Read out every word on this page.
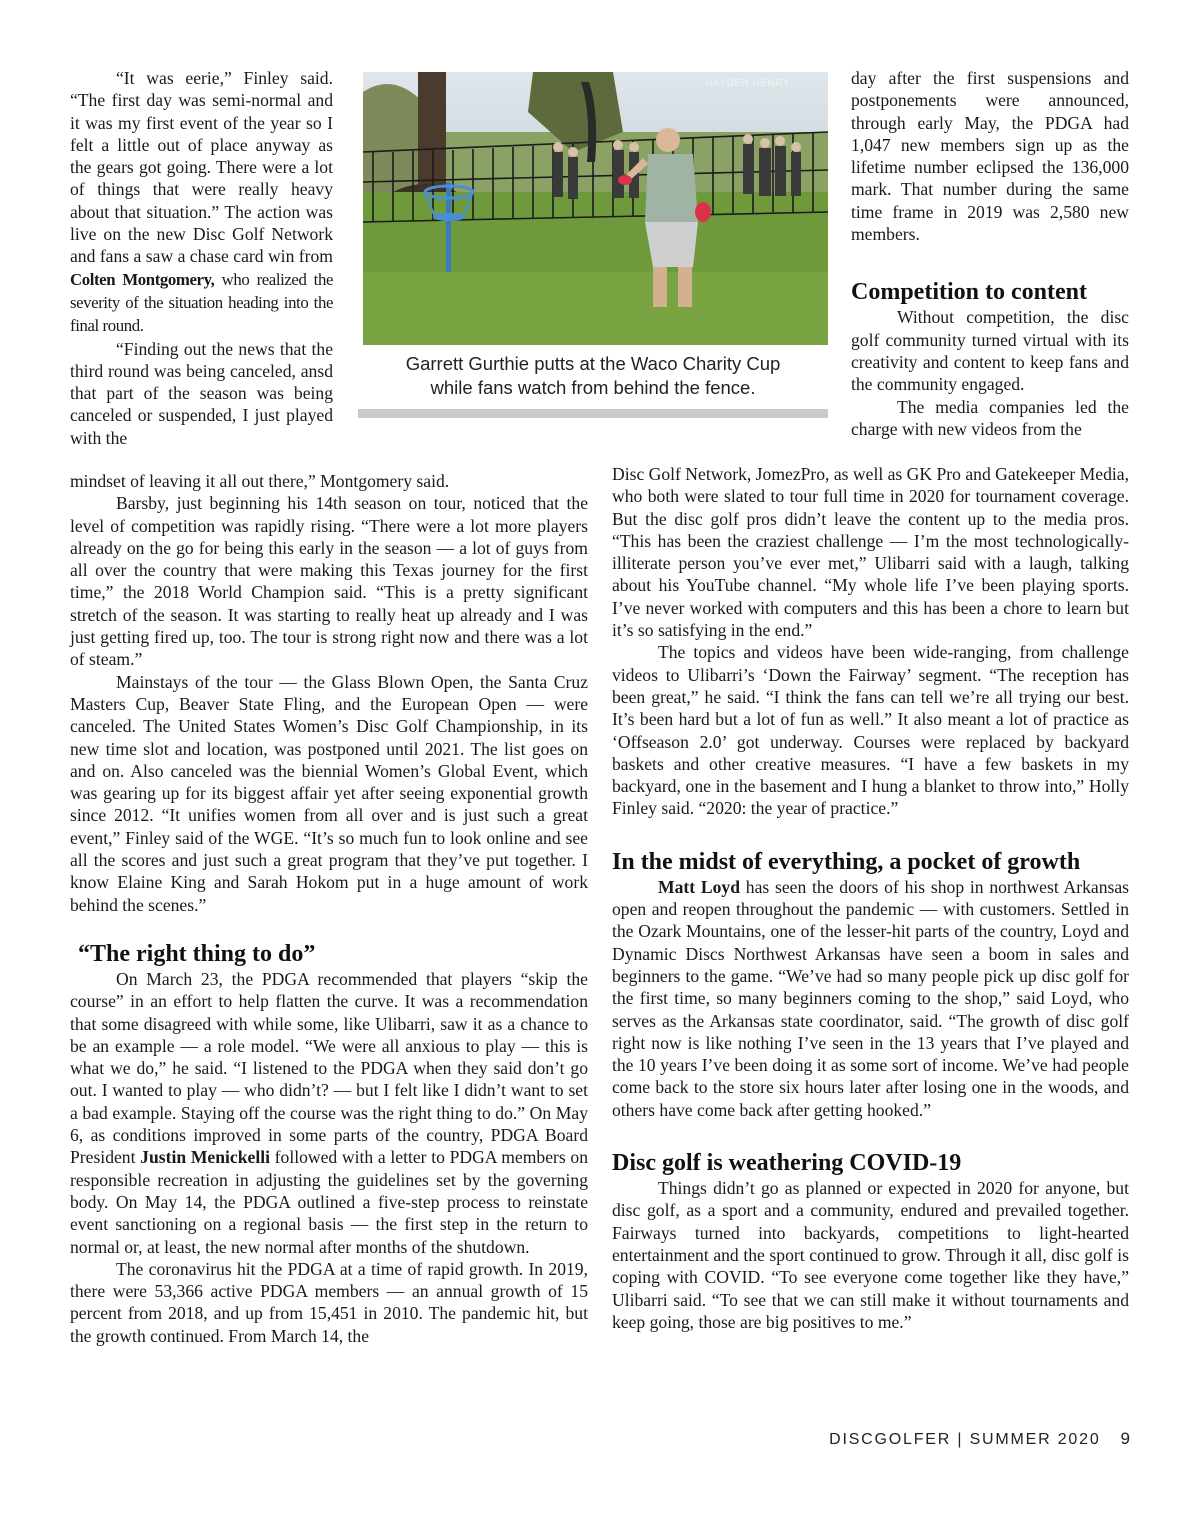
“It was eerie,” Finley said. “The first day was semi-normal and it was my first event of the year so I felt a little out of place anyway as the gears got going. There were a lot of things that were really heavy about that situation.” The action was live on the new Disc Golf Network and fans a saw a chase card win from Colten Montgomery, who realized the severity of the situation heading into the final round.

“Finding out the news that the third round was being canceled, ansd that part of the season was being canceled or suspended, I just played with the

HAYDEN HENRY
Garrett Gurthie putts at the Waco Charity Cup
while fans watch from behind the fence.

mindset of leaving it all out there,” Montgomery said.

Barsby, just beginning his 14th season on tour, noticed that the level of competition was rapidly rising. “There were a lot more players already on the go for being this early in the season — a lot of guys from all over the country that were making this Texas journey for the first time,” the 2018 World Champion said. “This is a pretty significant stretch of the season. It was starting to really heat up already and I was just getting fired up, too. The tour is strong right now and there was a lot of steam.”

Mainstays of the tour — the Glass Blown Open, the Santa Cruz Masters Cup, Beaver State Fling, and the European Open — were canceled. The United States Women’s Disc Golf Championship, in its new time slot and location, was postponed until 2021. The list goes on and on. Also canceled was the biennial Women’s Global Event, which was gearing up for its biggest affair yet after seeing exponential growth since 2012. “It unifies women from all over and is just such a great event,” Finley said of the WGE. “It’s so much fun to look online and see all the scores and just such a great program that they’ve put together. I know Elaine King and Sarah Hokom put in a huge amount of work behind the scenes.”

“The right thing to do”

On March 23, the PDGA recommended that players “skip the course” in an effort to help flatten the curve. It was a recommendation that some disagreed with while some, like Ulibarri, saw it as a chance to be an example — a role model. “We were all anxious to play — this is what we do,” he said. “I listened to the PDGA when they said don’t go out. I wanted to play — who didn’t? — but I felt like I didn’t want to set a bad example. Staying off the course was the right thing to do.” On May 6, as conditions improved in some parts of the country, PDGA Board President Justin Menickelli followed with a letter to PDGA members on responsible recreation in adjusting the guidelines set by the governing body. On May 14, the PDGA outlined a five-step process to reinstate event sanctioning on a regional basis — the first step in the return to normal or, at least, the new normal after months of the shutdown.

The coronavirus hit the PDGA at a time of rapid growth. In 2019, there were 53,366 active PDGA members — an annual growth of 15 percent from 2018, and up from 15,451 in 2010. The pandemic hit, but the growth continued. From March 14, the

day after the first suspensions and postponements were announced, through early May, the PDGA had 1,047 new members sign up as the lifetime number eclipsed the 136,000 mark. That number during the same time frame in 2019 was 2,580 new members.

Competition to content

Without competition, the disc golf community turned virtual with its creativity and content to keep fans and the community engaged.

The media companies led the charge with new videos from the

Disc Golf Network, JomezPro, as well as GK Pro and Gatekeeper Media, who both were slated to tour full time in 2020 for tournament coverage. But the disc golf pros didn’t leave the content up to the media pros. “This has been the craziest challenge — I’m the most technologically-illiterate person you’ve ever met,” Ulibarri said with a laugh, talking about his YouTube channel. “My whole life I’ve been playing sports. I’ve never worked with computers and this has been a chore to learn but it’s so satisfying in the end.”

The topics and videos have been wide-ranging, from challenge videos to Ulibarri’s ‘Down the Fairway’ segment. “The reception has been great,” he said. “I think the fans can tell we’re all trying our best. It’s been hard but a lot of fun as well.” It also meant a lot of practice as ‘Offseason 2.0’ got underway. Courses were replaced by backyard baskets and other creative measures. “I have a few baskets in my backyard, one in the basement and I hung a blanket to throw into,” Holly Finley said. “2020: the year of practice.”

In the midst of everything, a pocket of growth

Matt Loyd has seen the doors of his shop in northwest Arkansas open and reopen throughout the pandemic — with customers. Settled in the Ozark Mountains, one of the lesser-hit parts of the country, Loyd and Dynamic Discs Northwest Arkansas have seen a boom in sales and beginners to the game. “We’ve had so many people pick up disc golf for the first time, so many beginners coming to the shop,” said Loyd, who serves as the Arkansas state coordinator, said. “The growth of disc golf right now is like nothing I’ve seen in the 13 years that I’ve played and the 10 years I’ve been doing it as some sort of income. We’ve had people come back to the store six hours later after losing one in the woods, and others have come back after getting hooked.”

Disc golf is weathering COVID-19

Things didn’t go as planned or expected in 2020 for anyone, but disc golf, as a sport and a community, endured and prevailed together. Fairways turned into backyards, competitions to light-hearted entertainment and the sport continued to grow. Through it all, disc golf is coping with COVID. “To see everyone come together like they have,” Ulibarri said. “To see that we can still make it without tournaments and keep going, those are big positives to me.”

DISCGOLFER | SUMMER 2020 9
